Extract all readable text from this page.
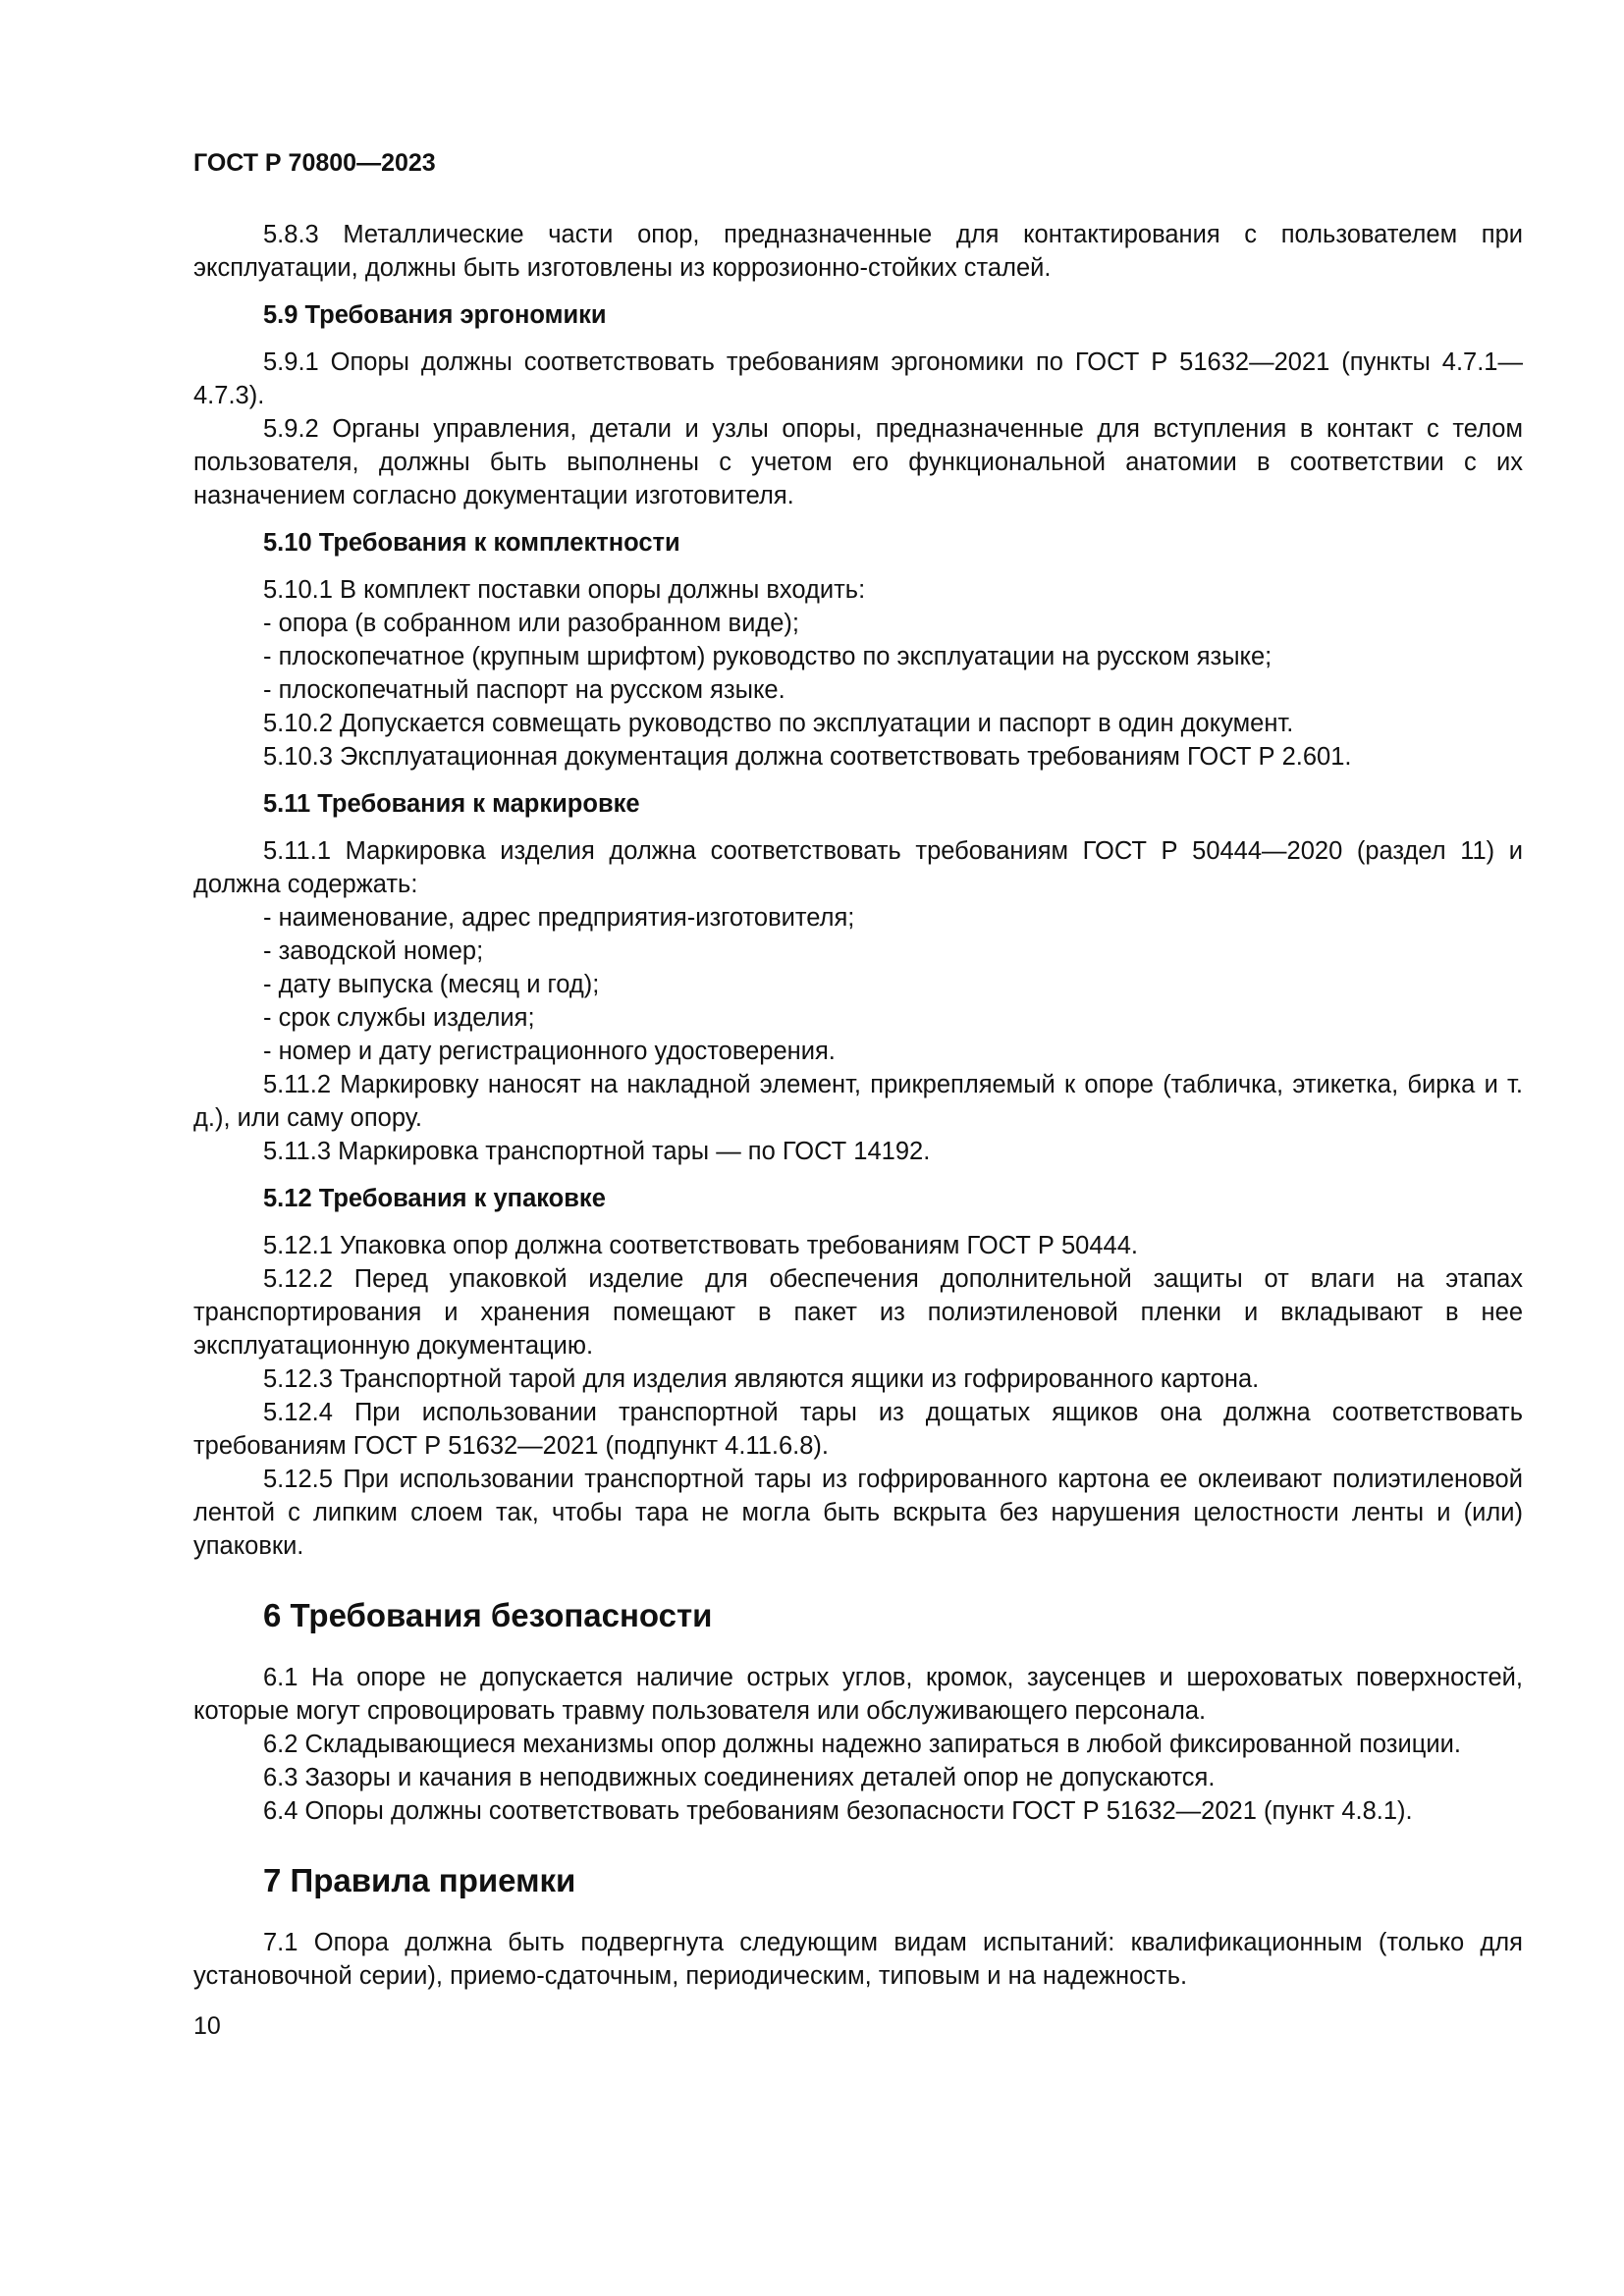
ГОСТ Р 70800—2023

5.8.3 Металлические части опор, предназначенные для контактирования с пользователем при эксплуатации, должны быть изготовлены из коррозионно-стойких сталей.

5.9 Требования эргономики

5.9.1 Опоры должны соответствовать требованиям эргономики по ГОСТ Р 51632—2021 (пункты 4.7.1—4.7.3).

5.9.2 Органы управления, детали и узлы опоры, предназначенные для вступления в контакт с телом пользователя, должны быть выполнены с учетом его функциональной анатомии в соответствии с их назначением согласно документации изготовителя.

5.10 Требования к комплектности

5.10.1 В комплект поставки опоры должны входить:

- опора (в собранном или разобранном виде);

- плоскопечатное (крупным шрифтом) руководство по эксплуатации на русском языке;

- плоскопечатный паспорт на русском языке.

5.10.2 Допускается совмещать руководство по эксплуатации и паспорт в один документ.

5.10.3 Эксплуатационная документация должна соответствовать требованиям ГОСТ Р 2.601.

5.11 Требования к маркировке

5.11.1 Маркировка изделия должна соответствовать требованиям ГОСТ Р 50444—2020 (раздел 11) и должна содержать:

- наименование, адрес предприятия-изготовителя;

- заводской номер;

- дату выпуска (месяц и год);

- срок службы изделия;

- номер и дату регистрационного удостоверения.

5.11.2 Маркировку наносят на накладной элемент, прикрепляемый к опоре (табличка, этикетка, бирка и т. д.), или саму опору.

5.11.3 Маркировка транспортной тары — по ГОСТ 14192.

5.12 Требования к упаковке

5.12.1 Упаковка опор должна соответствовать требованиям ГОСТ Р 50444.

5.12.2 Перед упаковкой изделие для обеспечения дополнительной защиты от влаги на этапах транспортирования и хранения помещают в пакет из полиэтиленовой пленки и вкладывают в нее эксплуатационную документацию.

5.12.3 Транспортной тарой для изделия являются ящики из гофрированного картона.

5.12.4 При использовании транспортной тары из дощатых ящиков она должна соответствовать требованиям ГОСТ Р 51632—2021 (подпункт 4.11.6.8).

5.12.5 При использовании транспортной тары из гофрированного картона ее оклеивают полиэтиленовой лентой с липким слоем так, чтобы тара не могла быть вскрыта без нарушения целостности ленты и (или) упаковки.

6 Требования безопасности

6.1 На опоре не допускается наличие острых углов, кромок, заусенцев и шероховатых поверхностей, которые могут спровоцировать травму пользователя или обслуживающего персонала.

6.2 Складывающиеся механизмы опор должны надежно запираться в любой фиксированной позиции.

6.3 Зазоры и качания в неподвижных соединениях деталей опор не допускаются.

6.4 Опоры должны соответствовать требованиям безопасности ГОСТ Р 51632—2021 (пункт 4.8.1).

7 Правила приемки

7.1 Опора должна быть подвергнута следующим видам испытаний: квалификационным (только для установочной серии), приемо-сдаточным, периодическим, типовым и на надежность.

10
